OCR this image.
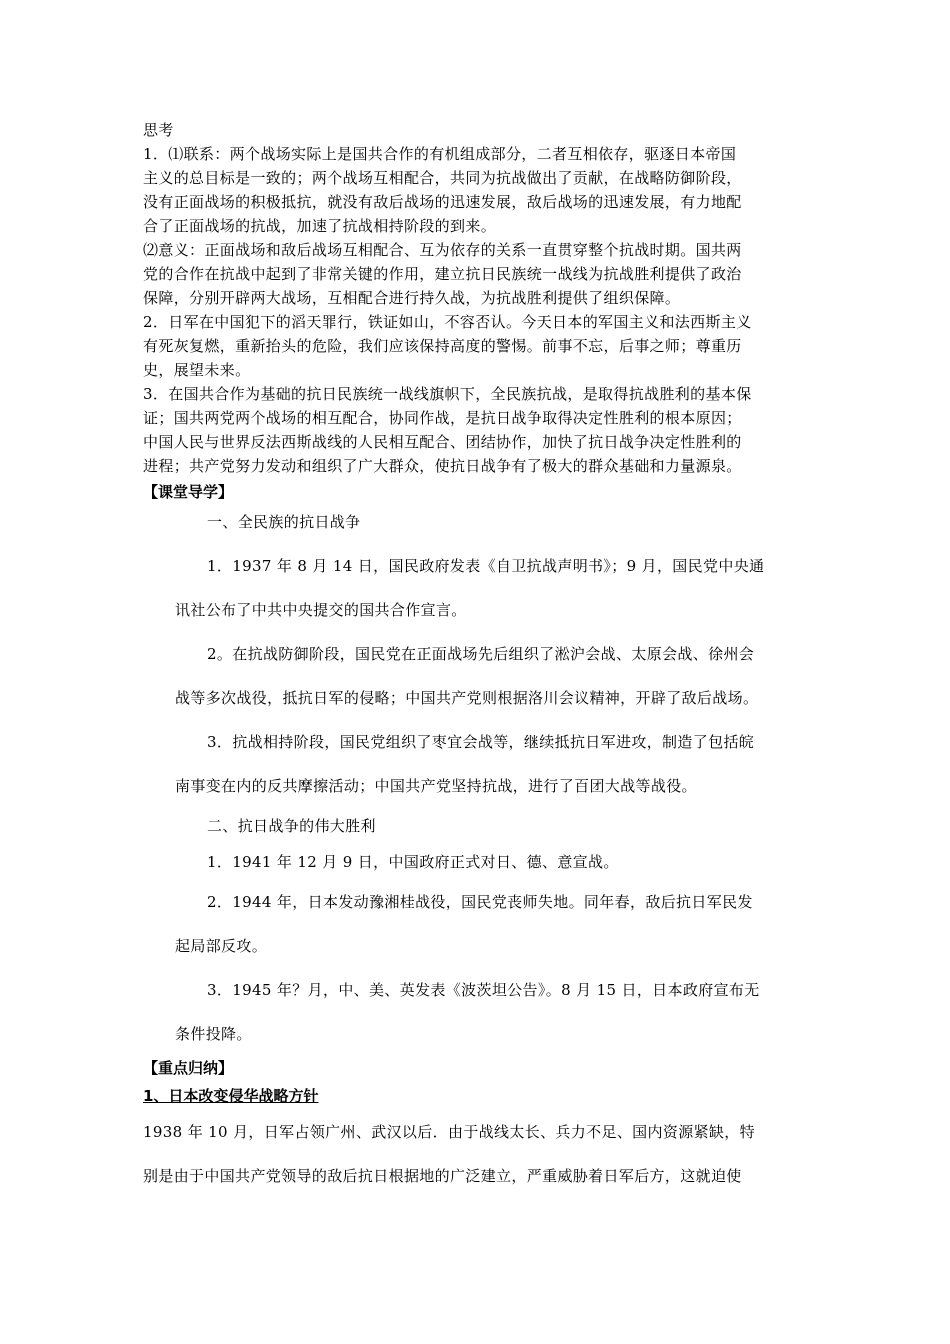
思考
1．⑴联系：两个战场实际上是国共合作的有机组成部分，二者互相依存，驱逐日本帝国
主义的总目标是一致的；两个战场互相配合，共同为抗战做出了贡献，在战略防御阶段，
没有正面战场的积极抵抗，就没有敌后战场的迅速发展，敌后战场的迅速发展，有力地配
合了正面战场的抗战，加速了抗战相持阶段的到来。
⑵意义：正面战场和敌后战场互相配合、互为依存的关系一直贯穿整个抗战时期。国共两
党的合作在抗战中起到了非常关键的作用，建立抗日民族统一战线为抗战胜利提供了政治
保障，分别开辟两大战场，互相配合进行持久战，为抗战胜利提供了组织保障。
2．日军在中国犯下的滔天罪行，铁证如山，不容否认。今天日本的军国主义和法西斯主义
有死灰复燃，重新抬头的危险，我们应该保持高度的警惕。前事不忘，后事之师；尊重历
史，展望未来。
3．在国共合作为基础的抗日民族统一战线旗帜下，全民族抗战，是取得抗战胜利的基本保
证；国共两党两个战场的相互配合，协同作战，是抗日战争取得决定性胜利的根本原因；
中国人民与世界反法西斯战线的人民相互配合、团结协作，加快了抗日战争决定性胜利的
进程；共产党努力发动和组织了广大群众，使抗日战争有了极大的群众基础和力量源泉。
【课堂导学】
一、全民族的抗日战争
1．1937 年 8 月 14 日，国民政府发表《自卫抗战声明书》；9 月，国民党中央通
讯社公布了中共中央提交的国共合作宣言。
2。在抗战防御阶段，国民党在正面战场先后组织了淞沪会战、太原会战、徐州会
战等多次战役，抵抗日军的侵略；中国共产党则根据洛川会议精神，开辟了敌后战场。
3．抗战相持阶段，国民党组织了枣宜会战等，继续抵抗日军进攻，制造了包括皖
南事变在内的反共摩擦活动；中国共产党坚持抗战，进行了百团大战等战役。
二、抗日战争的伟大胜利
1．1941 年 12 月 9 日，中国政府正式对日、德、意宣战。
2．1944 年，日本发动豫湘桂战役，国民党丧师失地。同年春，敌后抗日军民发
起局部反攻。
3．1945 年？月，中、美、英发表《波茨坦公告》。8 月 15 日，日本政府宣布无
条件投降。
【重点归纳】
1、日本改变侵华战略方针
1938 年 10 月，日军占领广州、武汉以后．由于战线太长、兵力不足、国内资源紧缺，特
别是由于中国共产党领导的敌后抗日根据地的广泛建立，严重威胁着日军后方，这就迫使
